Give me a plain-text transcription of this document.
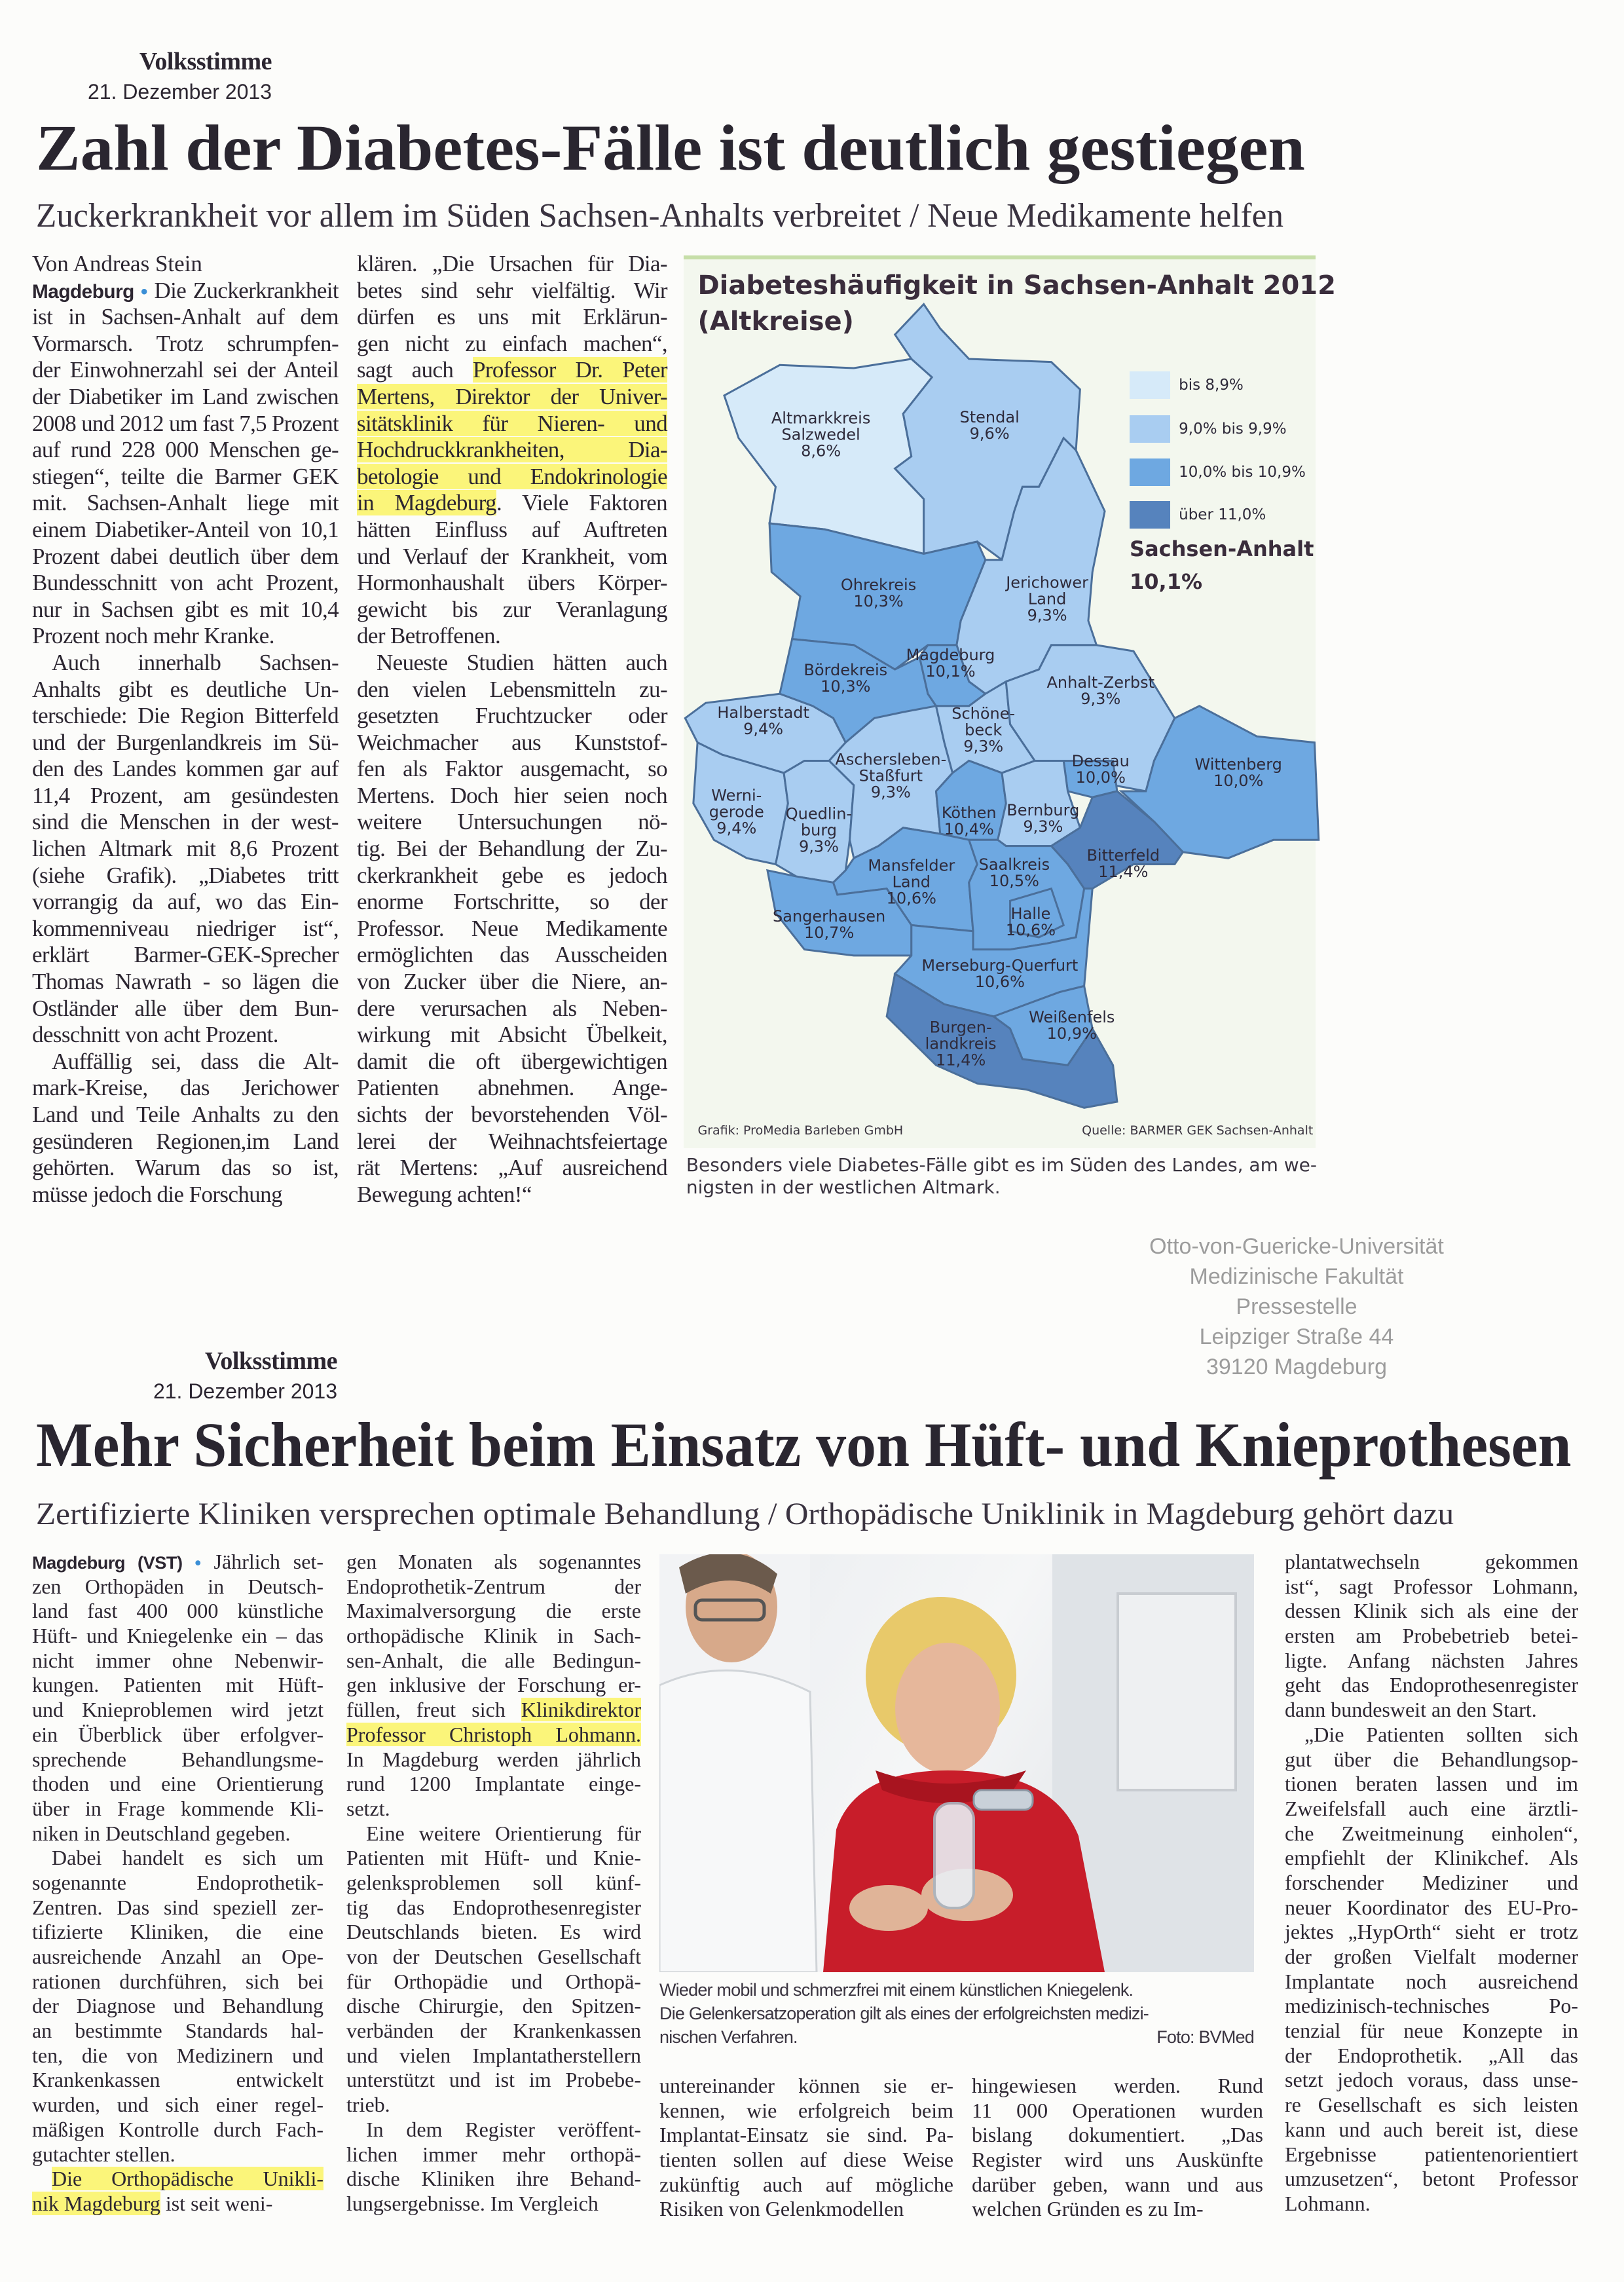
Volksstimme
21. Dezember 2013
Zahl der Diabetes-Fälle ist deutlich gestiegen
Zuckerkrankheit vor allem im Süden Sachsen-Anhalts verbreitet / Neue Medikamente helfen
Von Andreas Stein
Magdeburg • Die Zuckerkrankheit
ist in Sachsen-Anhalt auf dem
Vormarsch. Trotz schrumpfen-
der Einwohnerzahl sei der Anteil
der Diabetiker im Land zwischen
2008 und 2012 um fast 7,5 Prozent
auf rund 228 000 Menschen ge-
stiegen“, teilte die Barmer GEK
mit. Sachsen-Anhalt liege mit
einem Diabetiker-Anteil von 10,1
Prozent dabei deutlich über dem
Bundesschnitt von acht Prozent,
nur in Sachsen gibt es mit 10,4
Prozent noch mehr Kranke.
Auch innerhalb Sachsen-
Anhalts gibt es deutliche Un-
terschiede: Die Region Bitterfeld
und der Burgenlandkreis im Sü-
den des Landes kommen gar auf
11,4 Prozent, am gesündesten
sind die Menschen in der west-
lichen Altmark mit 8,6 Prozent
(siehe Grafik). „Diabetes tritt
vorrangig da auf, wo das Ein-
kommenniveau niedriger ist“,
erklärt Barmer-GEK-Sprecher
Thomas Nawrath - so lägen die
Ostländer alle über dem Bun-
desschnitt von acht Prozent.
Auffällig sei, dass die Alt-
mark-Kreise, das Jerichower
Land und Teile Anhalts zu den
gesünderen Regionen,im Land
gehörten. Warum das so ist,
müsse jedoch die Forschung
klären. „Die Ursachen für Dia-
betes sind sehr vielfältig. Wir
dürfen es uns mit Erklärun-
gen nicht zu einfach machen“,
sagt auch Professor Dr. Peter
Mertens, Direktor der Univer-
sitätsklinik für Nieren- und
Hochdruckkrankheiten, Dia-
betologie und Endokrinologie
in Magdeburg. Viele Faktoren
hätten Einfluss auf Auftreten
und Verlauf der Krankheit, vom
Hormonhaushalt übers Körper-
gewicht bis zur Veranlagung
der Betroffenen.
Neueste Studien hätten auch
den vielen Lebensmitteln zu-
gesetzten Fruchtzucker oder
Weichmacher aus Kunststof-
fen als Faktor ausgemacht, so
Mertens. Doch hier seien noch
weitere Untersuchungen nö-
tig. Bei der Behandlung der Zu-
ckerkrankheit gebe es jedoch
enorme Fortschritte, so der
Professor. Neue Medikamente
ermöglichten das Ausscheiden
von Zucker über die Niere, an-
dere verursachen als Neben-
wirkung mit Absicht Übelkeit,
damit die oft übergewichtigen
Patienten abnehmen. Ange-
sichts der bevorstehenden Völ-
lerei der Weihnachtsfeiertage
rät Mertens: „Auf ausreichend
Bewegung achten!“
Diabeteshäufigkeit in Sachsen-Anhalt 2012
(Altkreise)
Altmarkkreis
Salzwedel
8,6%
Stendal
9,6%
Ohrekreis
10,3%
Jerichower
Land
9,3%
Bördekreis
10,3%
Magdeburg
10,1%
Halberstadt
9,4%
Werni-
gerode
9,4%
Quedlin-
burg
9,3%
Aschersleben-
Staßfurt
9,3%
Schöne-
beck
9,3%
Anhalt-Zerbst
9,3%
Wittenberg
10,0%
Dessau
10,0%
Köthen
10,4%
Bernburg
9,3%
Bitterfeld
11,4%
Mansfelder
Land
10,6%
Sangerhausen
10,7%
Saalkreis
10,5%
Halle
10,6%
Merseburg-Querfurt
10,6%
Burgen-
landkreis
11,4%
Weißenfels
10,9%
bis 8,9%
9,0% bis 9,9%
10,0% bis 10,9%
über 11,0%
Sachsen-Anhalt
10,1%
Grafik: ProMedia Barleben GmbH	Quelle: BARMER GEK Sachsen-Anhalt
Besonders viele Diabetes-Fälle gibt es im Süden des Landes, am we-
nigsten in der westlichen Altmark.
Otto-von-Guericke-Universität
Medizinische Fakultät
Pressestelle
Leipziger Straße 44
39120 Magdeburg
Volksstimme
21. Dezember 2013
Mehr Sicherheit beim Einsatz von Hüft- und Knieprothesen
Zertifizierte Kliniken versprechen optimale Behandlung / Orthopädische Uniklinik in Magdeburg gehört dazu
Magdeburg (VST) • Jährlich set-
zen Orthopäden in Deutsch-
land fast 400 000 künstliche
Hüft- und Kniegelenke ein – das
nicht immer ohne Nebenwir-
kungen. Patienten mit Hüft-
und Knieproblemen wird jetzt
ein Überblick über erfolgver-
sprechende Behandlungsme-
thoden und eine Orientierung
über in Frage kommende Kli-
niken in Deutschland gegeben.
Dabei handelt es sich um
sogenannte Endoprothetik-
Zentren. Das sind speziell zer-
tifizierte Kliniken, die eine
ausreichende Anzahl an Ope-
rationen durchführen, sich bei
der Diagnose und Behandlung
an bestimmte Standards hal-
ten, die von Medizinern und
Krankenkassen entwickelt
wurden, und sich einer regel-
mäßigen Kontrolle durch Fach-
gutachter stellen.
Die Orthopädische Unikli-
nik Magdeburg ist seit weni-
gen Monaten als sogenanntes
Endoprothetik-Zentrum der
Maximalversorgung die erste
orthopädische Klinik in Sach-
sen-Anhalt, die alle Bedingun-
gen inklusive der Forschung er-
füllen, freut sich Klinikdirektor
Professor Christoph Lohmann.
In Magdeburg werden jährlich
rund 1200 Implantate einge-
setzt.
Eine weitere Orientierung für
Patienten mit Hüft- und Knie-
gelenksproblemen soll künf-
tig das Endoprothesenregister
Deutschlands bieten. Es wird
von der Deutschen Gesellschaft
für Orthopädie und Orthopä-
dische Chirurgie, den Spitzen-
verbänden der Krankenkassen
und vielen Implantatherstellern
unterstützt und ist im Probebe-
trieb.
In dem Register veröffent-
lichen immer mehr orthopä-
dische Kliniken ihre Behand-
lungsergebnisse. Im Vergleich
untereinander können sie er-
kennen, wie erfolgreich beim
Implantat-Einsatz sie sind. Pa-
tienten sollen auf diese Weise
zukünftig auch auf mögliche
Risiken von Gelenkmodellen
hingewiesen werden. Rund
11 000 Operationen wurden
bislang dokumentiert. „Das
Register wird uns Auskünfte
darüber geben, wann und aus
welchen Gründen es zu Im-
plantatwechseln gekommen
ist“, sagt Professor Lohmann,
dessen Klinik sich als eine der
ersten am Probebetrieb betei-
ligte. Anfang nächsten Jahres
geht das Endoprothesenregister
dann bundesweit an den Start.
„Die Patienten sollten sich
gut über die Behandlungsop-
tionen beraten lassen und im
Zweifelsfall auch eine ärztli-
che Zweitmeinung einholen“,
empfiehlt der Klinikchef. Als
forschender Mediziner und
neuer Koordinator des EU-Pro-
jektes „HypOrth“ sieht er trotz
der großen Vielfalt moderner
Implantate noch ausreichend
medizinisch-technisches Po-
tenzial für neue Konzepte in
der Endoprothetik. „All das
setzt jedoch voraus, dass unse-
re Gesellschaft es sich leisten
kann und auch bereit ist, diese
Ergebnisse patientenorientiert
umzusetzen“, betont Professor
Lohmann.
Wieder mobil und schmerzfrei mit einem künstlichen Kniegelenk.
Die Gelenkersatzoperation gilt als eines der erfolgreichsten medizi-
nischen Verfahren.	Foto: BVMed
